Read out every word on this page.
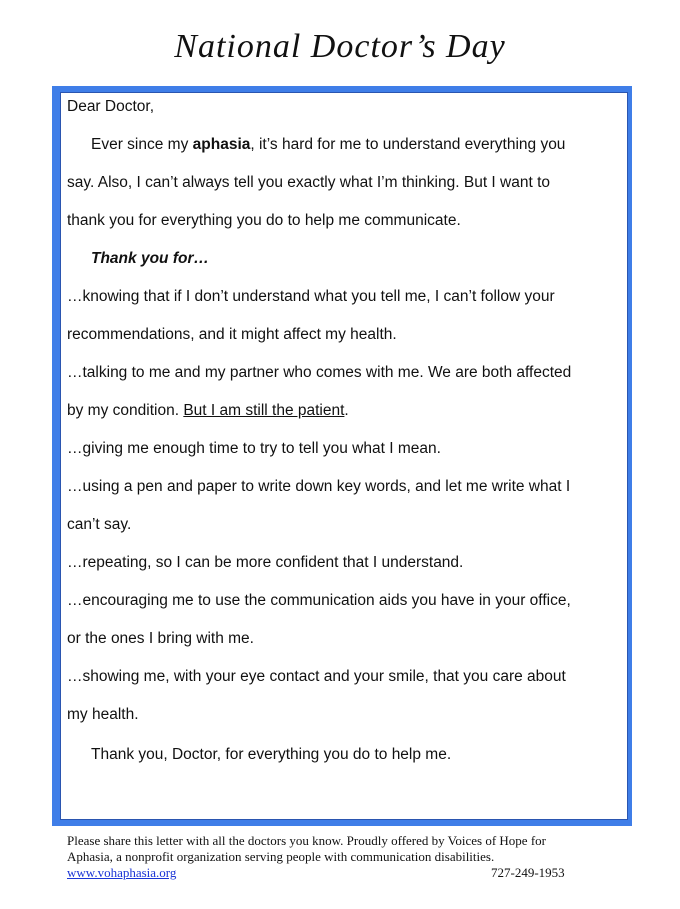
National Doctor’s Day
Dear Doctor,
Ever since my aphasia, it’s hard for me to understand everything you
say. Also, I can’t always tell you exactly what I’m thinking. But I want to
thank you for everything you do to help me communicate.
Thank you for…
…knowing that if I don’t understand what you tell me, I can’t follow your
recommendations, and it might affect my health.
…talking to me and my partner who comes with me. We are both affected
by my condition. But I am still the patient.
…giving me enough time to try to tell you what I mean.
…using a pen and paper to write down key words, and let me write what I
can’t say.
…repeating, so I can be more confident that I understand.
…encouraging me to use the communication aids you have in your office,
or the ones I bring with me.
…showing me, with your eye contact and your smile, that you care about
my health.
Thank you, Doctor, for everything you do to help me.
Please share this letter with all the doctors you know. Proudly offered by Voices of Hope for
Aphasia, a nonprofit organization serving people with communication disabilities.
www.vohaphasia.org	727-249-1953
